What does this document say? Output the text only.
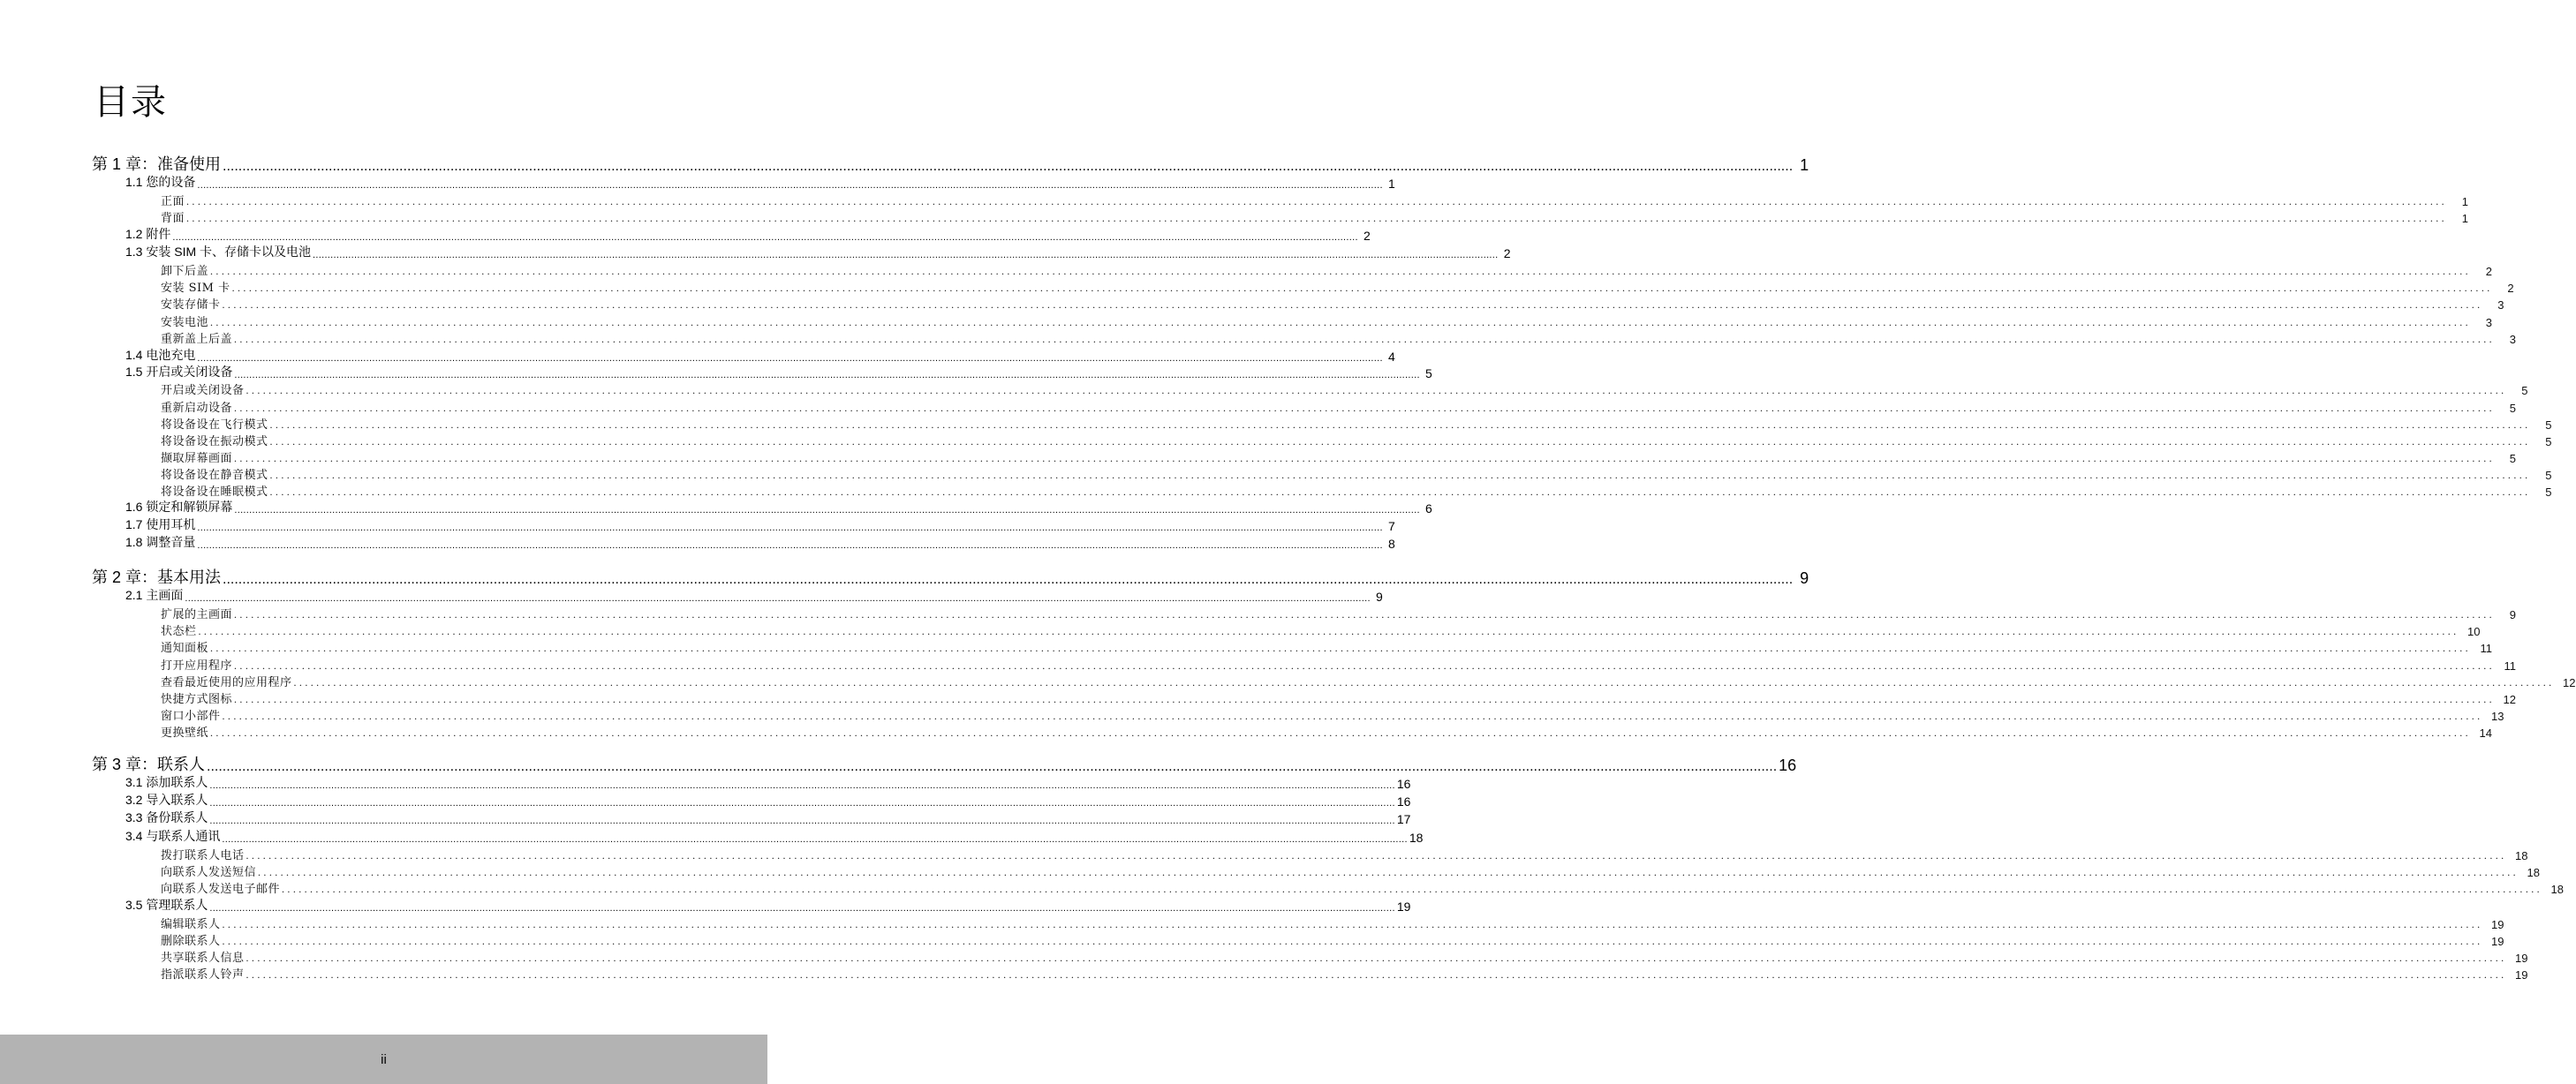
目录
第 1 章：准备使用 ................................................................................................................................................................................................................................................................................................................................................................................................................ 1
1.1 您的设备 ................................................................................................................................................................................................................................................................................................................................................................................................................ 1
正面 ................................................................................................................................................................................................................................................................................................................................................................................................................	1
背面 ................................................................................................................................................................................................................................................................................................................................................................................................................	1
1.2 附件 ................................................................................................................................................................................................................................................................................................................................................................................................................ 2
1.3 安装 SIM 卡、存储卡以及电池 ................................................................................................................................................................................................................................................................................................................................................................................................................ 2
卸下后盖 ................................................................................................................................................................................................................................................................................................................................................................................................................	2
安装 SIM 卡 ................................................................................................................................................................................................................................................................................................................................................................................................................	2
安装存储卡 ................................................................................................................................................................................................................................................................................................................................................................................................................	3
安装电池 ................................................................................................................................................................................................................................................................................................................................................................................................................	3
重新盖上后盖 ................................................................................................................................................................................................................................................................................................................................................................................................................	3
1.4 电池充电 ................................................................................................................................................................................................................................................................................................................................................................................................................ 4
1.5 开启或关闭设备 ................................................................................................................................................................................................................................................................................................................................................................................................................ 5
开启或关闭设备 ................................................................................................................................................................................................................................................................................................................................................................................................................	5
重新启动设备 ................................................................................................................................................................................................................................................................................................................................................................................................................	5
将设备设在飞行模式 ................................................................................................................................................................................................................................................................................................................................................................................................................	5
将设备设在振动模式 ................................................................................................................................................................................................................................................................................................................................................................................................................	5
撷取屏幕画面 ................................................................................................................................................................................................................................................................................................................................................................................................................	5
将设备设在静音模式 ................................................................................................................................................................................................................................................................................................................................................................................................................	5
将设备设在睡眠模式 ................................................................................................................................................................................................................................................................................................................................................................................................................	5
1.6 锁定和解锁屏幕 ................................................................................................................................................................................................................................................................................................................................................................................................................ 6
1.7 使用耳机 ................................................................................................................................................................................................................................................................................................................................................................................................................ 7
1.8 调整音量 ................................................................................................................................................................................................................................................................................................................................................................................................................ 8
第 2 章：基本用法 ................................................................................................................................................................................................................................................................................................................................................................................................................ 9
2.1 主画面 ................................................................................................................................................................................................................................................................................................................................................................................................................ 9
扩展的主画面 ................................................................................................................................................................................................................................................................................................................................................................................................................	9
状态栏 ................................................................................................................................................................................................................................................................................................................................................................................................................ 10
通知面板 ................................................................................................................................................................................................................................................................................................................................................................................................................ 11
打开应用程序 ................................................................................................................................................................................................................................................................................................................................................................................................................ 11
查看最近使用的应用程序 ................................................................................................................................................................................................................................................................................................................................................................................................................ 12
快捷方式图标 ................................................................................................................................................................................................................................................................................................................................................................................................................ 12
窗口小部件 ................................................................................................................................................................................................................................................................................................................................................................................................................ 13
更换壁纸 ................................................................................................................................................................................................................................................................................................................................................................................................................ 14
第 3 章：联系人 ................................................................................................................................................................................................................................................................................................................................................................................................................ 16
3.1 添加联系人 ................................................................................................................................................................................................................................................................................................................................................................................................................ 16
3.2 导入联系人 ................................................................................................................................................................................................................................................................................................................................................................................................................ 16
3.3 备份联系人 ................................................................................................................................................................................................................................................................................................................................................................................................................ 17
3.4 与联系人通讯 ................................................................................................................................................................................................................................................................................................................................................................................................................ 18
拨打联系人电话 ................................................................................................................................................................................................................................................................................................................................................................................................................ 18
向联系人发送短信 ................................................................................................................................................................................................................................................................................................................................................................................................................ 18
向联系人发送电子邮件 ................................................................................................................................................................................................................................................................................................................................................................................................................ 18
3.5 管理联系人 ................................................................................................................................................................................................................................................................................................................................................................................................................ 19
编辑联系人 ................................................................................................................................................................................................................................................................................................................................................................................................................ 19
删除联系人 ................................................................................................................................................................................................................................................................................................................................................................................................................ 19
共享联系人信息 ................................................................................................................................................................................................................................................................................................................................................................................................................ 19
指派联系人铃声 ................................................................................................................................................................................................................................................................................................................................................................................................................ 19
ii
